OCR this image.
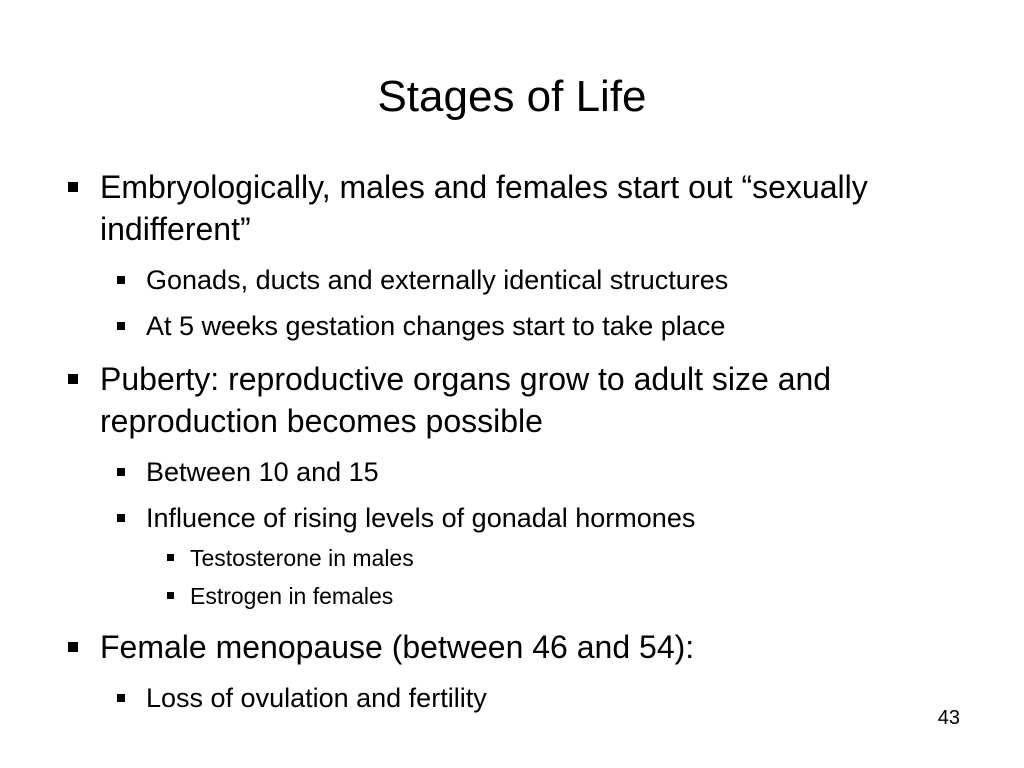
Stages of Life
Embryologically, males and females start out “sexually indifferent”
Gonads, ducts and externally identical structures
At 5 weeks gestation changes start to take place
Puberty: reproductive organs grow to adult size and reproduction becomes possible
Between 10 and 15
Influence of rising levels of gonadal hormones
Testosterone in males
Estrogen in females
Female menopause (between 46 and 54):
Loss of ovulation and fertility
43
